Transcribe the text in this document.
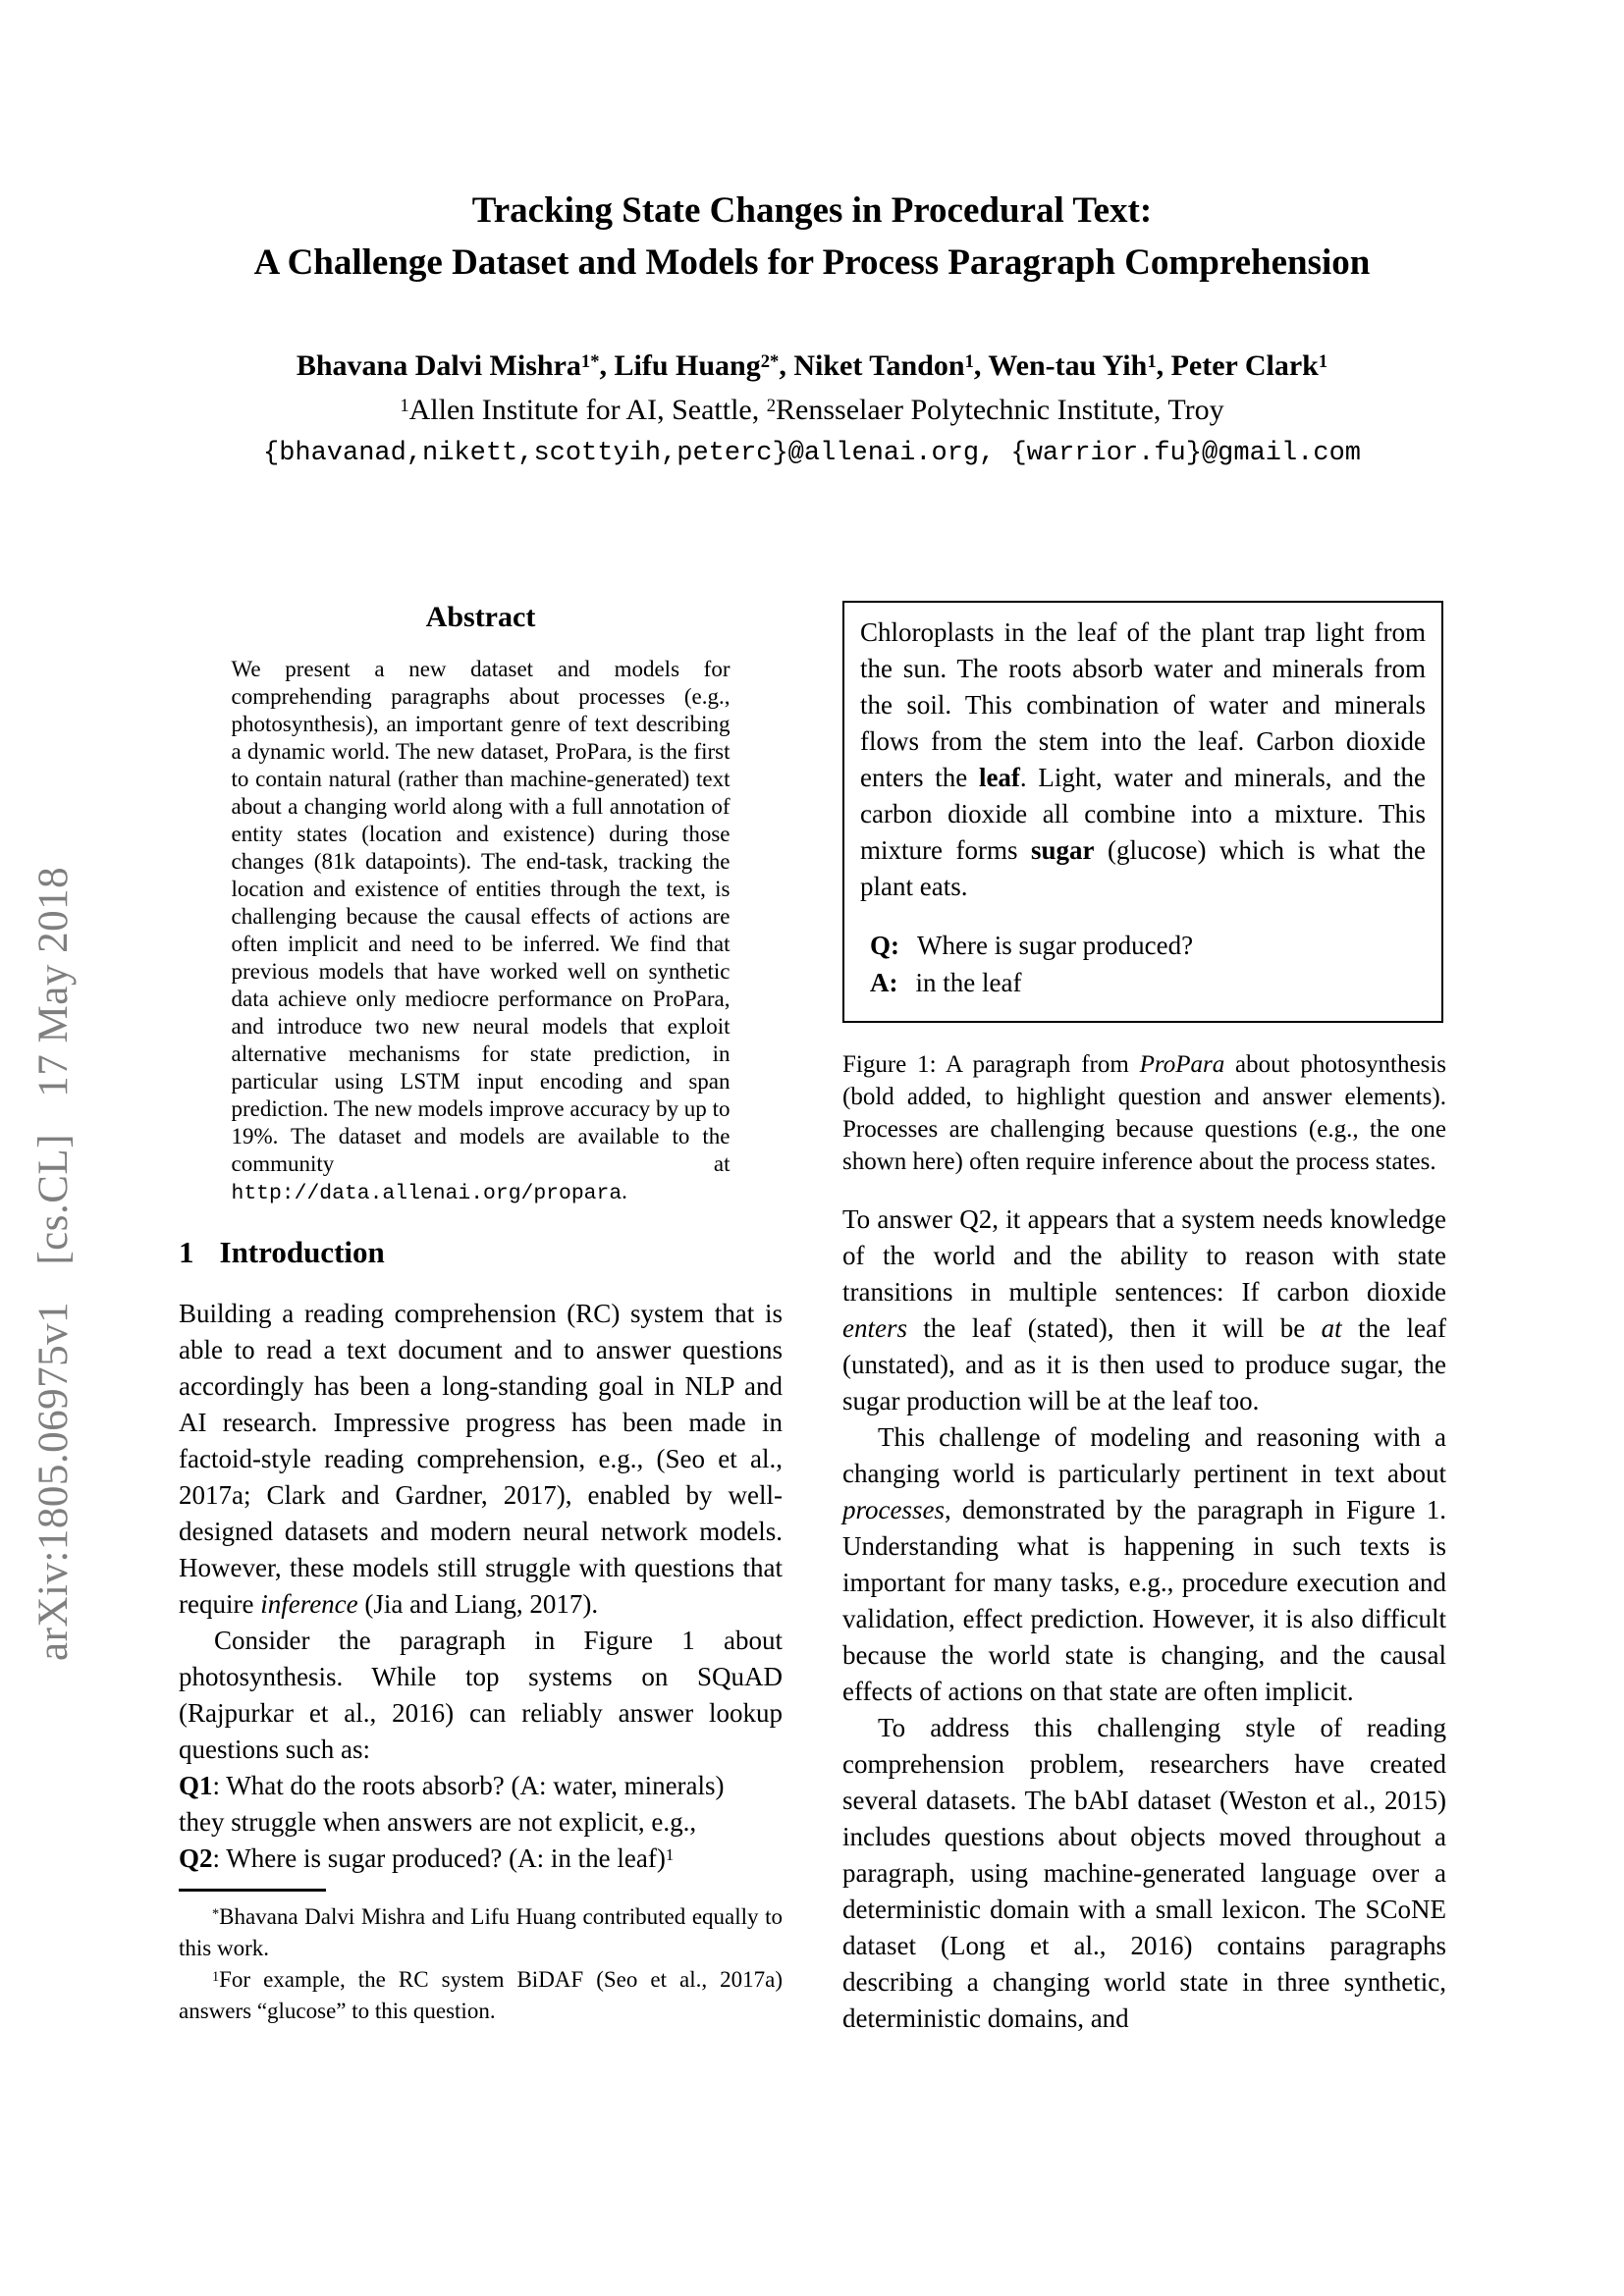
arXiv:1805.06975v1 [cs.CL] 17 May 2018
Tracking State Changes in Procedural Text:
A Challenge Dataset and Models for Process Paragraph Comprehension
Bhavana Dalvi Mishra$^{1*}$, Lifu Huang$^{2*}$, Niket Tandon$^1$, Wen-tau Yih$^1$, Peter Clark$^1$
$^1$Allen Institute for AI, Seattle, $^2$Rensselaer Polytechnic Institute, Troy
{bhavanad,nikett,scottyih,peterc}@allenai.org, {warrior.fu}@gmail.com
Abstract
We present a new dataset and models for comprehending paragraphs about processes (e.g., photosynthesis), an important genre of text describing a dynamic world. The new dataset, ProPara, is the first to contain natural (rather than machine-generated) text about a changing world along with a full annotation of entity states (location and existence) during those changes (81k datapoints). The end-task, tracking the location and existence of entities through the text, is challenging because the causal effects of actions are often implicit and need to be inferred. We find that previous models that have worked well on synthetic data achieve only mediocre performance on ProPara, and introduce two new neural models that exploit alternative mechanisms for state prediction, in particular using LSTM input encoding and span prediction. The new models improve accuracy by up to 19%. The dataset and models are available to the community at http://data.allenai.org/propara.
1 Introduction
Building a reading comprehension (RC) system that is able to read a text document and to answer questions accordingly has been a long-standing goal in NLP and AI research. Impressive progress has been made in factoid-style reading comprehension, e.g., (Seo et al., 2017a; Clark and Gardner, 2017), enabled by well-designed datasets and modern neural network models. However, these models still struggle with questions that require inference (Jia and Liang, 2017).
Consider the paragraph in Figure 1 about photosynthesis. While top systems on SQuAD (Rajpurkar et al., 2016) can reliably answer lookup questions such as:
Q1: What do the roots absorb? (A: water, minerals)
they struggle when answers are not explicit, e.g.,
Q2: Where is sugar produced? (A: in the leaf)$^1$
*Bhavana Dalvi Mishra and Lifu Huang contributed equally to this work.
$^1$For example, the RC system BiDAF (Seo et al., 2017a) answers “glucose” to this question.
Chloroplasts in the leaf of the plant trap light from the sun. The roots absorb water and minerals from the soil. This combination of water and minerals flows from the stem into the leaf. Carbon dioxide enters the leaf. Light, water and minerals, and the carbon dioxide all combine into a mixture. This mixture forms sugar (glucose) which is what the plant eats.
Q: Where is sugar produced?
A: in the leaf
Figure 1: A paragraph from ProPara about photosynthesis (bold added, to highlight question and answer elements). Processes are challenging because questions (e.g., the one shown here) often require inference about the process states.
To answer Q2, it appears that a system needs knowledge of the world and the ability to reason with state transitions in multiple sentences: If carbon dioxide enters the leaf (stated), then it will be at the leaf (unstated), and as it is then used to produce sugar, the sugar production will be at the leaf too.
This challenge of modeling and reasoning with a changing world is particularly pertinent in text about processes, demonstrated by the paragraph in Figure 1. Understanding what is happening in such texts is important for many tasks, e.g., procedure execution and validation, effect prediction. However, it is also difficult because the world state is changing, and the causal effects of actions on that state are often implicit.
To address this challenging style of reading comprehension problem, researchers have created several datasets. The bAbI dataset (Weston et al., 2015) includes questions about objects moved throughout a paragraph, using machine-generated language over a deterministic domain with a small lexicon. The SCoNE dataset (Long et al., 2016) contains paragraphs describing a changing world state in three synthetic, deterministic domains, and
